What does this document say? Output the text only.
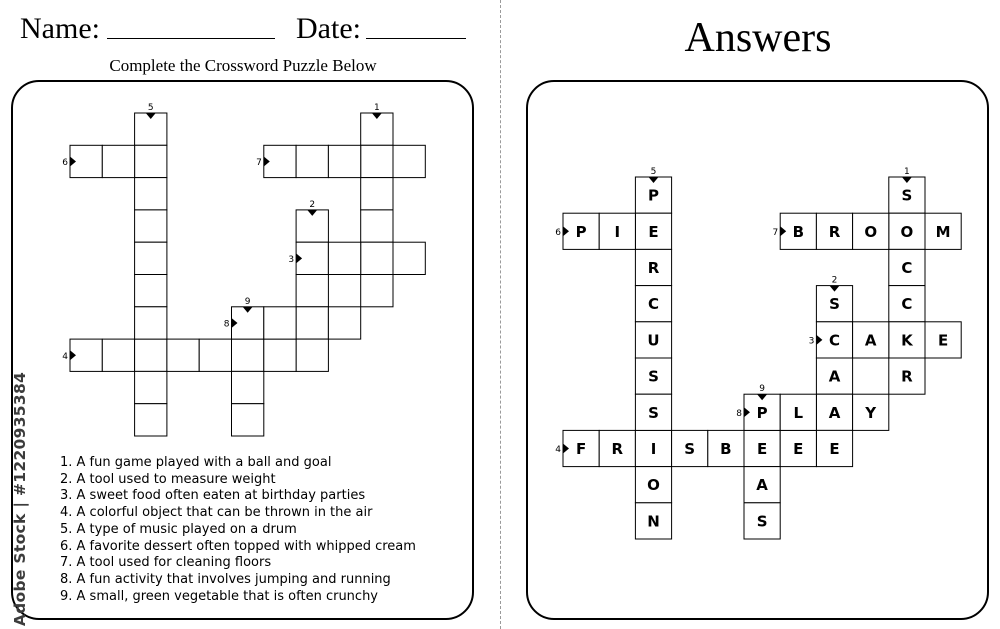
Name:	Date:
Complete the Crossword Puzzle Below
1. A fun game played with a ball and goal
2. A tool used to measure weight
3. A sweet food often eaten at birthday parties
4. A colorful object that can be thrown in the air
5. A type of music played on a drum
6. A favorite dessert often topped with whipped cream
7. A tool used for cleaning floors
8. A fun activity that involves jumping and running
9. A small, green vegetable that is often crunchy
Adobe Stock | #1220935384
Answers
1
2
3
4
5
6	7
8
9
S
O
C
C
K
R
S
C
A
A
E
A	E
F R I S B E E
P
E
R
C
U
S
S
O
N
P I	B R O	M
P L	Y
A
S
1
2
3
4
5
6	7
8
9
